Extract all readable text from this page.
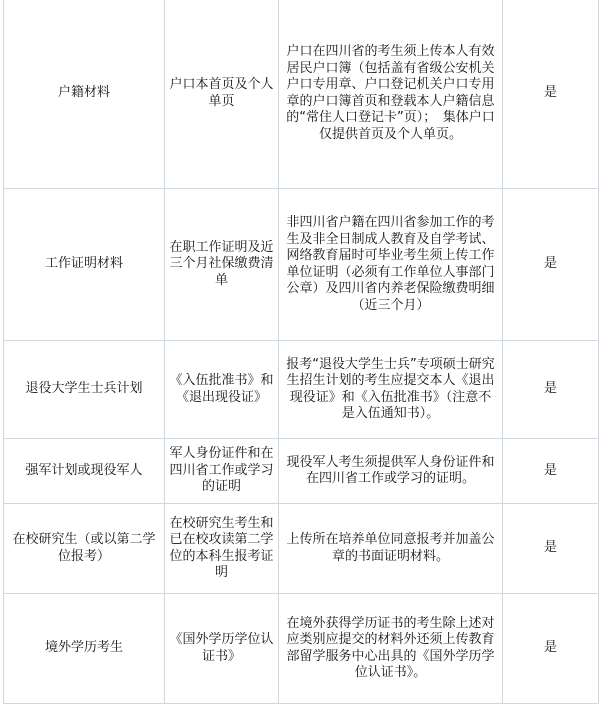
户籍材料	户口本首页及个人单页	户口在四川省的考生须上传本人有效居民户口簿（包括盖有省级公安机关户口专用章、户口登记机关户口专用章的户口簿首页和登载本人户籍信息的“常住人口登记卡”页）；　集体户口仅提供首页及个人单页。	是
工作证明材料	在职工作证明及近三个月社保缴费清单	非四川省户籍在四川省参加工作的考生及非全日制成人教育及自学考试、网络教育届时可毕业考生须上传工作单位证明（必须有工作单位人事部门公章）及四川省内养老保险缴费明细（近三个月）	是
退役大学生士兵计划	《入伍批准书》和《退出现役证》	报考“退役大学生士兵”专项硕士研究生招生计划的考生应提交本人《退出现役证》和《入伍批准书》（注意不是入伍通知书）。	是
强军计划或现役军人	军人身份证件和在四川省工作或学习的证明	现役军人考生须提供军人身份证件和在四川省工作或学习的证明。	是
在校研究生（或以第二学位报考）	在校研究生考生和已在校攻读第二学位的本科生报考证明	上传所在培养单位同意报考并加盖公章的书面证明材料。	是
境外学历考生	《国外学历学位认证书》	在境外获得学历证书的考生除上述对应类别应提交的材料外还须上传教育部留学服务中心出具的《国外学历学位认证书》。	是
